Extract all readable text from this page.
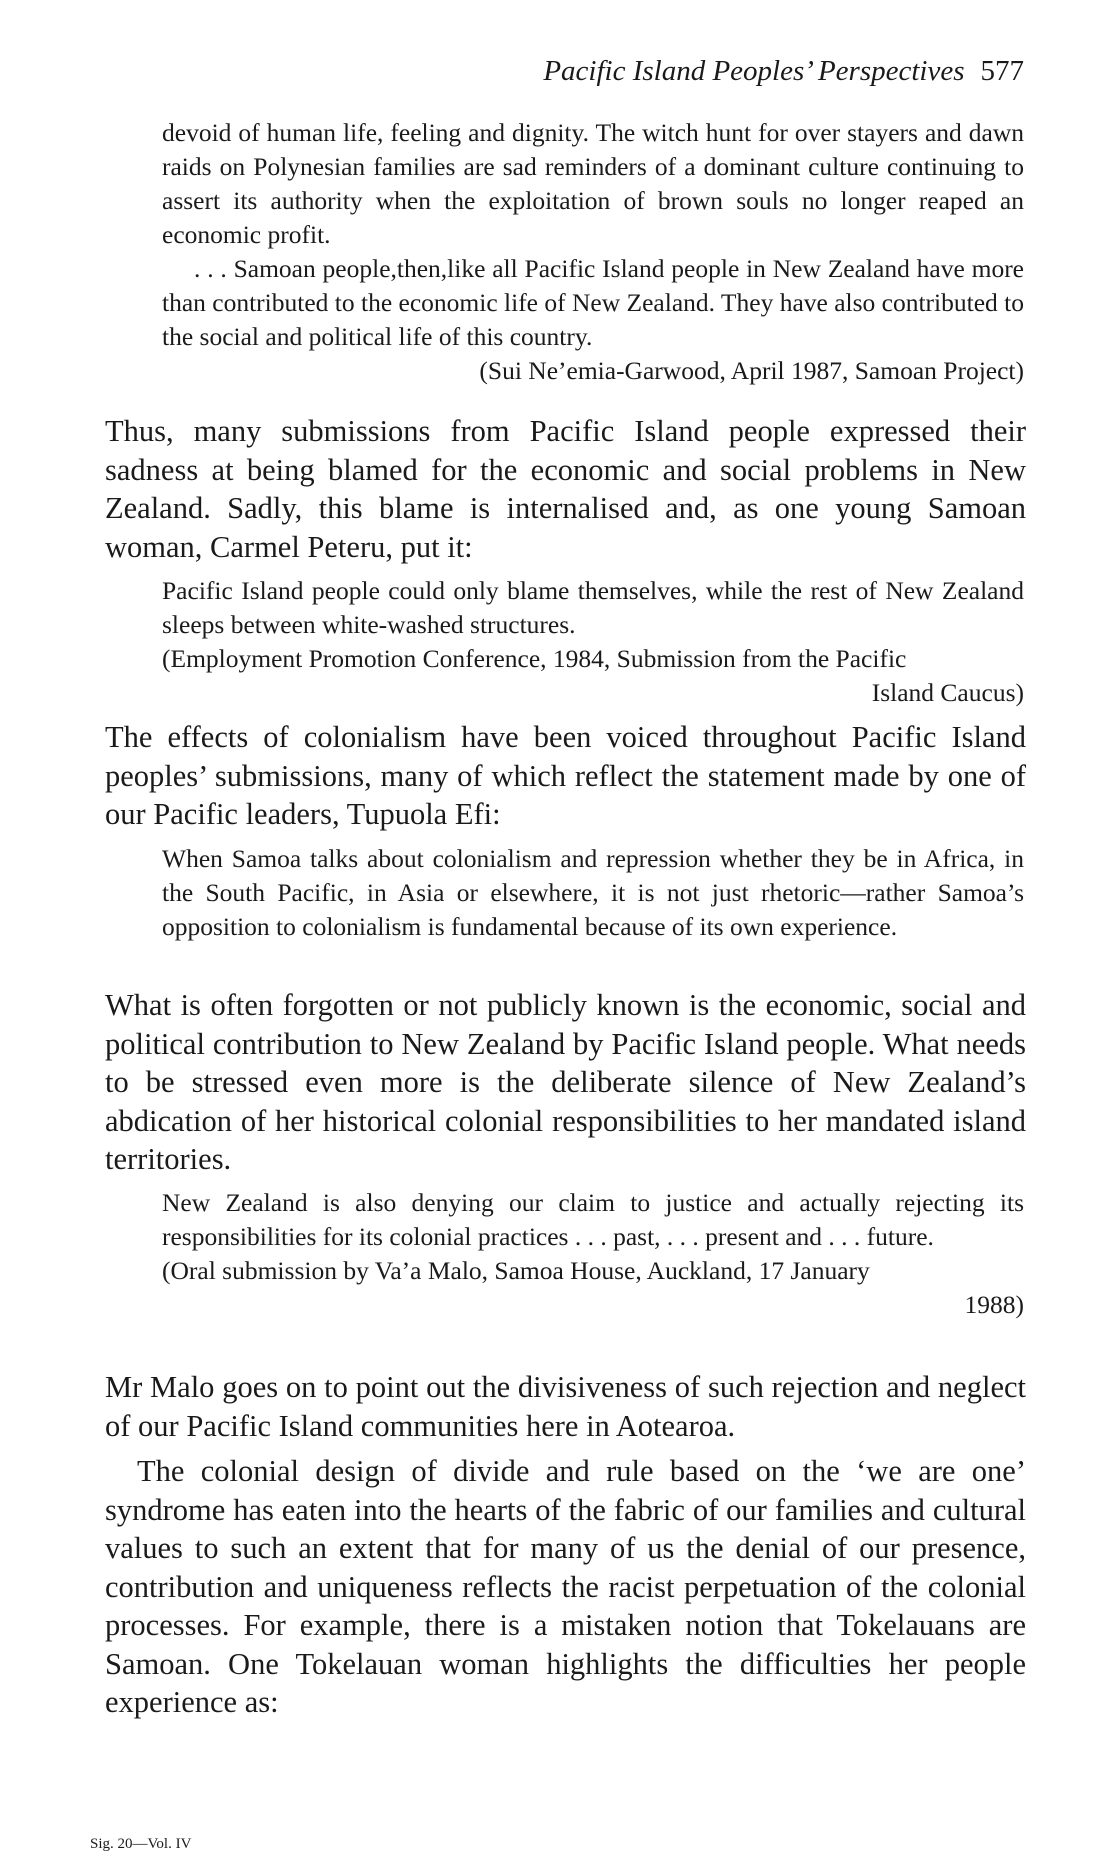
Pacific Island Peoples’ Perspectives 577

devoid of human life, feeling and dignity. The witch hunt for over stayers and dawn raids on Polynesian families are sad reminders of a dominant culture continuing to assert its authority when the exploitation of brown souls no longer reaped an economic profit.

. . . Samoan people,then,like all Pacific Island people in New Zealand have more than contributed to the economic life of New Zealand. They have also contributed to the social and political life of this country.

(Sui Ne’emia-Garwood, April 1987, Samoan Project)

Thus, many submissions from Pacific Island people expressed their sadness at being blamed for the economic and social problems in New Zealand. Sadly, this blame is internalised and, as one young Samoan woman, Carmel Peteru, put it:

Pacific Island people could only blame themselves, while the rest of New Zealand sleeps between white-washed structures.

(Employment Promotion Conference, 1984, Submission from the Pacific

Island Caucus)

The effects of colonialism have been voiced throughout Pacific Island peoples’ submissions, many of which reflect the statement made by one of our Pacific leaders, Tupuola Efi:

When Samoa talks about colonialism and repression whether they be in Africa, in the South Pacific, in Asia or elsewhere, it is not just rhetoric—rather Samoa’s opposition to colonialism is fundamental because of its own experience.

What is often forgotten or not publicly known is the economic, social and political contribution to New Zealand by Pacific Island people. What needs to be stressed even more is the deliberate silence of New Zealand’s abdication of her historical colonial responsibilities to her mandated island territories.

New Zealand is also denying our claim to justice and actually rejecting its responsibilities for its colonial practices . . . past, . . . present and . . . future.

(Oral submission by Va’a Malo, Samoa House, Auckland, 17 January

1988)

Mr Malo goes on to point out the divisiveness of such rejection and neglect of our Pacific Island communities here in Aotearoa.

The colonial design of divide and rule based on the ‘we are one’ syndrome has eaten into the hearts of the fabric of our families and cultural values to such an extent that for many of us the denial of our presence, contribution and uniqueness reflects the racist perpetuation of the colonial processes. For example, there is a mistaken notion that Tokelauans are Samoan. One Tokelauan woman highlights the difficulties her people experience as:

Sig. 20—Vol. IV
